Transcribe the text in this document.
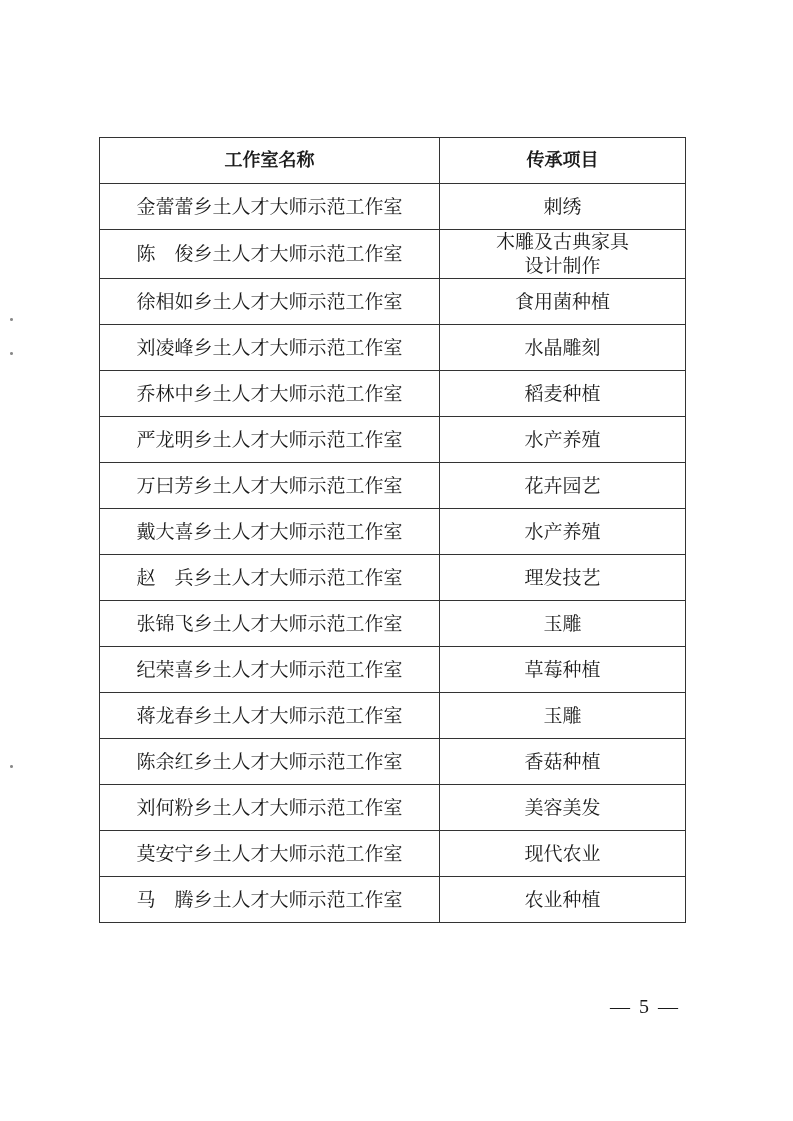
工作室名称	传承项目
金蕾蕾乡土人才大师示范工作室	刺绣
陈　俊乡土人才大师示范工作室	木雕及古典家具
设计制作
徐相如乡土人才大师示范工作室	食用菌种植
刘凌峰乡土人才大师示范工作室	水晶雕刻
乔林中乡土人才大师示范工作室	稻麦种植
严龙明乡土人才大师示范工作室	水产养殖
万曰芳乡土人才大师示范工作室	花卉园艺
戴大喜乡土人才大师示范工作室	水产养殖
赵　兵乡土人才大师示范工作室	理发技艺
张锦飞乡土人才大师示范工作室	玉雕
纪荣喜乡土人才大师示范工作室	草莓种植
蒋龙春乡土人才大师示范工作室	玉雕
陈余红乡土人才大师示范工作室	香菇种植
刘何粉乡土人才大师示范工作室	美容美发
莫安宁乡土人才大师示范工作室	现代农业
马　腾乡土人才大师示范工作室	农业种植
— 5 —
